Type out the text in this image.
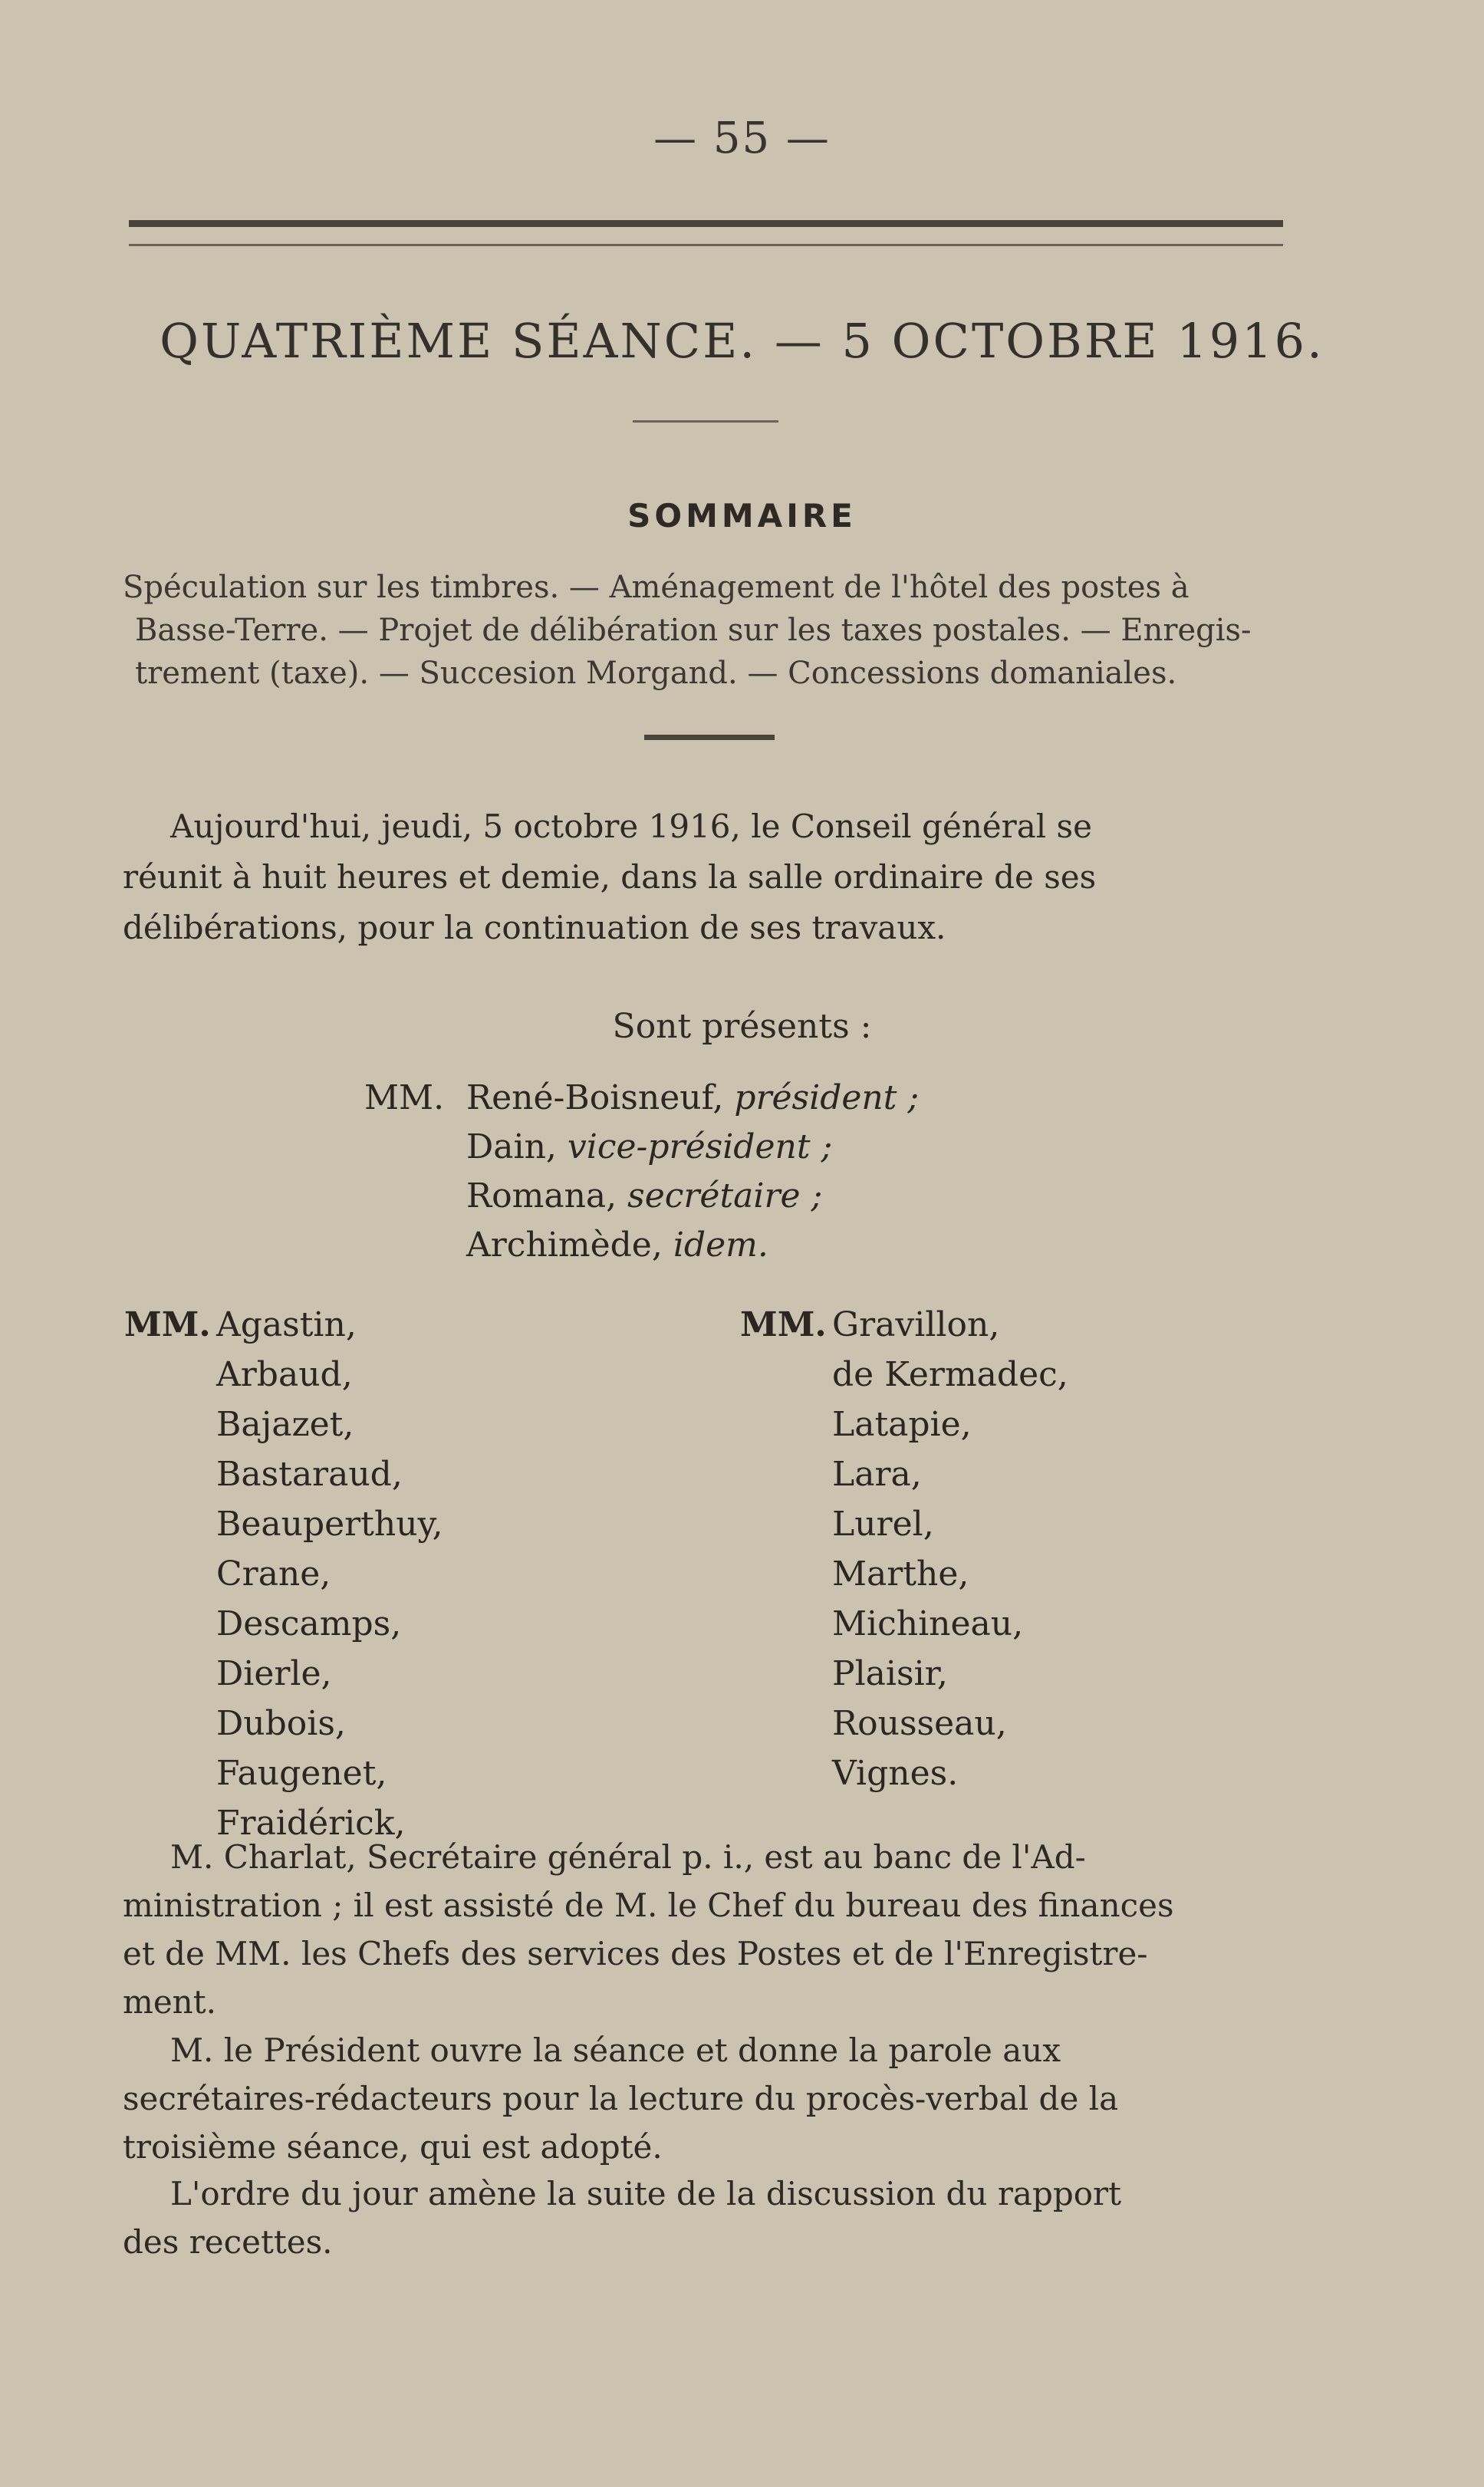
— 55 —
QUATRIÈME SÉANCE. — 5 OCTOBRE 1916.
SOMMAIRE
Spéculation sur les timbres. — Aménagement de l'hôtel des postes à
Basse-Terre. — Projet de délibération sur les taxes postales. — Enregis-
trement (taxe). — Succesion Morgand. — Concessions domaniales.
Aujourd'hui, jeudi, 5 octobre 1916, le Conseil général se
réunit à huit heures et demie, dans la salle ordinaire de ses
délibérations, pour la continuation de ses travaux.
Sont présents :
MM. René-Boisneuf, président ;
Dain, vice-président ;
Romana, secrétaire ;
Archimède, idem.
MM. Agastin,
Arbaud,
Bajazet,
Bastaraud,
Beauperthuy,
Crane,
Descamps,
Dierle,
Dubois,
Faugenet,
Fraidérick,
MM. Gravillon,
de Kermadec,
Latapie,
Lara,
Lurel,
Marthe,
Michineau,
Plaisir,
Rousseau,
Vignes.
M. Charlat, Secrétaire général p. i., est au banc de l'Ad-
ministration ; il est assisté de M. le Chef du bureau des finances
et de MM. les Chefs des services des Postes et de l'Enregistre-
ment.
M. le Président ouvre la séance et donne la parole aux
secrétaires-rédacteurs pour la lecture du procès-verbal de la
troisième séance, qui est adopté.
L'ordre du jour amène la suite de la discussion du rapport
des recettes.
